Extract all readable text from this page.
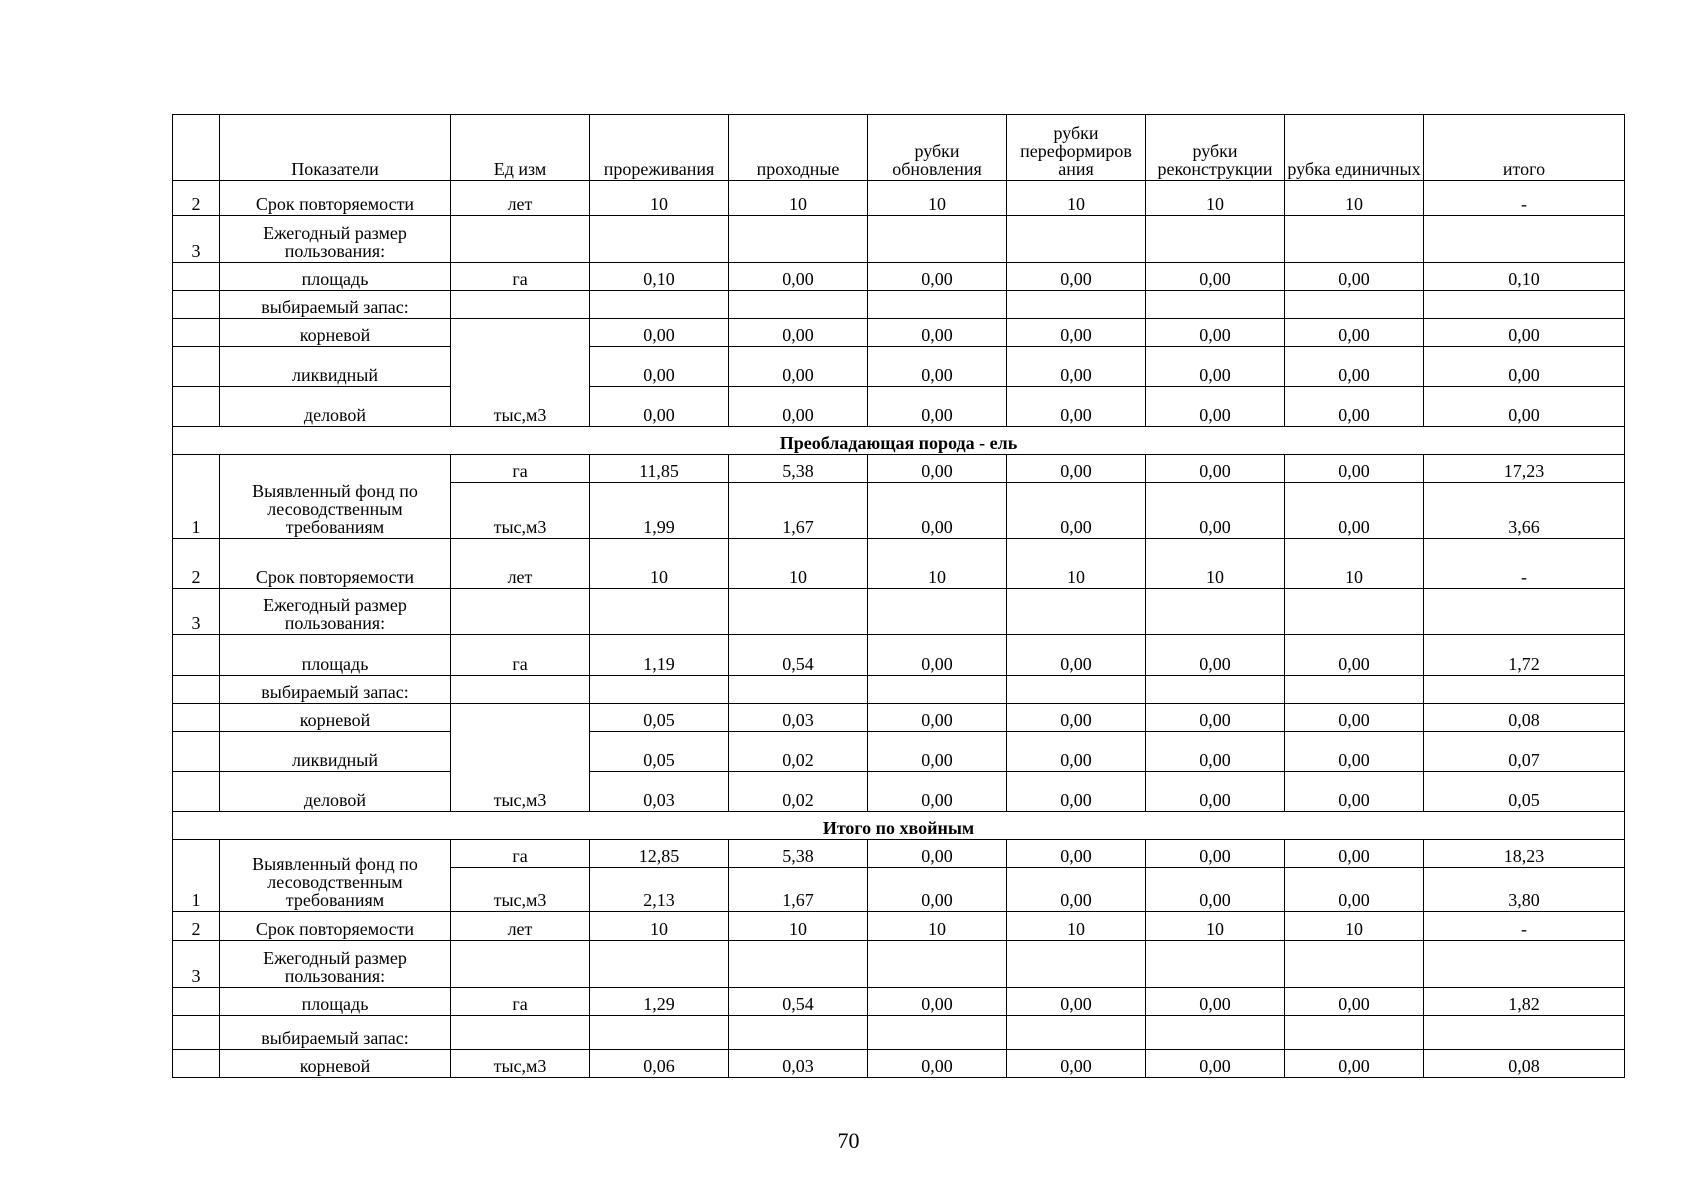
	Показатели	Ед изм	прореживания	проходные	рубки обновления	рубки переформиров ания	рубки реконструкции	рубка единичных	итого
2	Срок повторяемости	лет	10	10	10	10	10	10	-
3	Ежегодный размер пользования:								
	площадь	га	0,10	0,00	0,00	0,00	0,00	0,00	0,10
	выбираемый запас:								
	корневой	тыс,м3	0,00	0,00	0,00	0,00	0,00	0,00	0,00
	ликвидный		0,00	0,00	0,00	0,00	0,00	0,00	0,00
	деловой		0,00	0,00	0,00	0,00	0,00	0,00	0,00
Преобладающая порода - ель									
1	Выявленный фонд по лесоводственным требованиям	га	11,85	5,38	0,00	0,00	0,00	0,00	17,23
		тыс,м3	1,99	1,67	0,00	0,00	0,00	0,00	3,66
2	Срок повторяемости	лет	10	10	10	10	10	10	-
3	Ежегодный размер пользования:								
	площадь	га	1,19	0,54	0,00	0,00	0,00	0,00	1,72
	выбираемый запас:								
	корневой	тыс,м3	0,05	0,03	0,00	0,00	0,00	0,00	0,08
	ликвидный		0,05	0,02	0,00	0,00	0,00	0,00	0,07
	деловой		0,03	0,02	0,00	0,00	0,00	0,00	0,05
Итого по хвойным									
1	Выявленный фонд по лесоводственным требованиям	га	12,85	5,38	0,00	0,00	0,00	0,00	18,23
		тыс,м3	2,13	1,67	0,00	0,00	0,00	0,00	3,80
2	Срок повторяемости	лет	10	10	10	10	10	10	-
3	Ежегодный размер пользования:								
	площадь	га	1,29	0,54	0,00	0,00	0,00	0,00	1,82
	выбираемый запас:								
	корневой	тыс,м3	0,06	0,03	0,00	0,00	0,00	0,00	0,08
70
